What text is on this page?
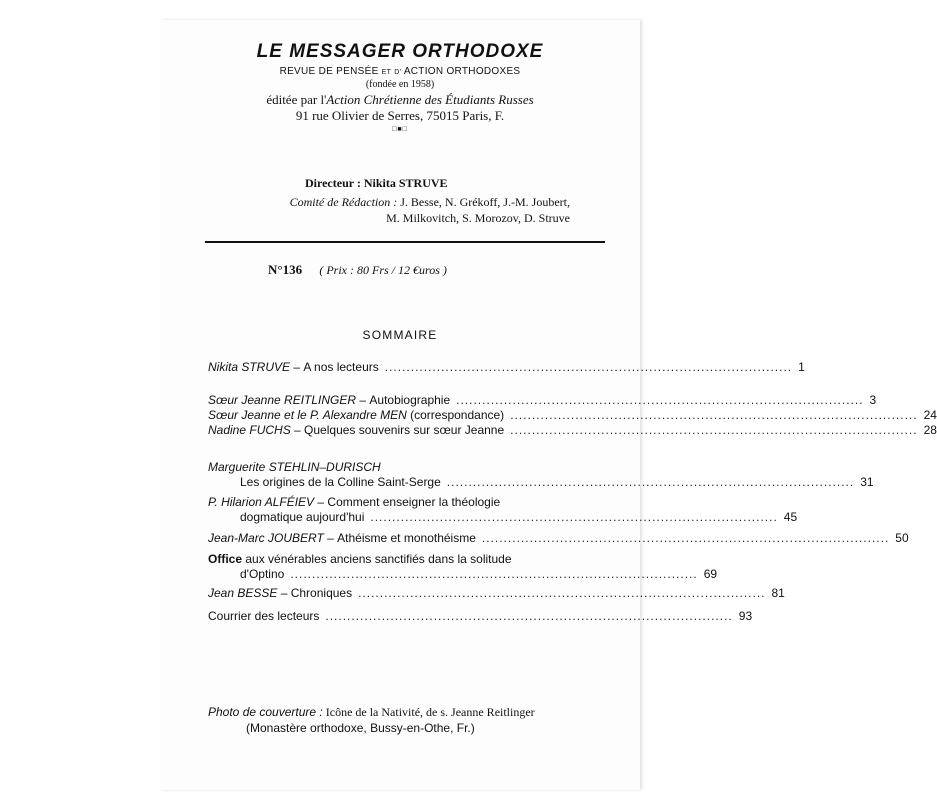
LE MESSAGER ORTHODOXE
REVUE DE PENSÉE ET D' ACTION ORTHODOXES
(fondée en 1958)
éditée par l'Action Chrétienne des Étudiants Russes
91 rue Olivier de Serres, 75015 Paris, F.
□■□
Directeur : Nikita STRUVE
Comité de Rédaction : J. Besse, N. Grékoff, J.-M. Joubert,
M. Milkovitch, S. Morozov, D. Struve
N°136 ( Prix : 80 Frs / 12 €uros )
SOMMAIRE
Nikita STRUVE – A nos lecteurs .............................................................................................. 1
Sœur Jeanne REITLINGER – Autobiographie .............................................................................................. 3
Sœur Jeanne et le P. Alexandre MEN
(correspondance) .............................................................................................. 24
Nadine FUCHS – Quelques souvenirs sur sœur Jeanne .............................................................................................. 28
Marguerite STEHLIN–DURISCH
Les origines de la Colline Saint-Serge .............................................................................................. 31
P. Hilarion ALFÉIEV – Comment enseigner la théologie
dogmatique aujourd'hui .............................................................................................. 45
Jean-Marc JOUBERT – Athéisme et monothéisme .............................................................................................. 50
Office aux vénérables anciens sanctifiés dans la solitude
d'Optino .............................................................................................. 69
Jean BESSE – Chroniques .............................................................................................. 81
Courrier des lecteurs .............................................................................................. 93
Photo de couverture : Icône de la Nativité, de s. Jeanne Reitlinger
(Monastère orthodoxe, Bussy-en-Othe, Fr.)
